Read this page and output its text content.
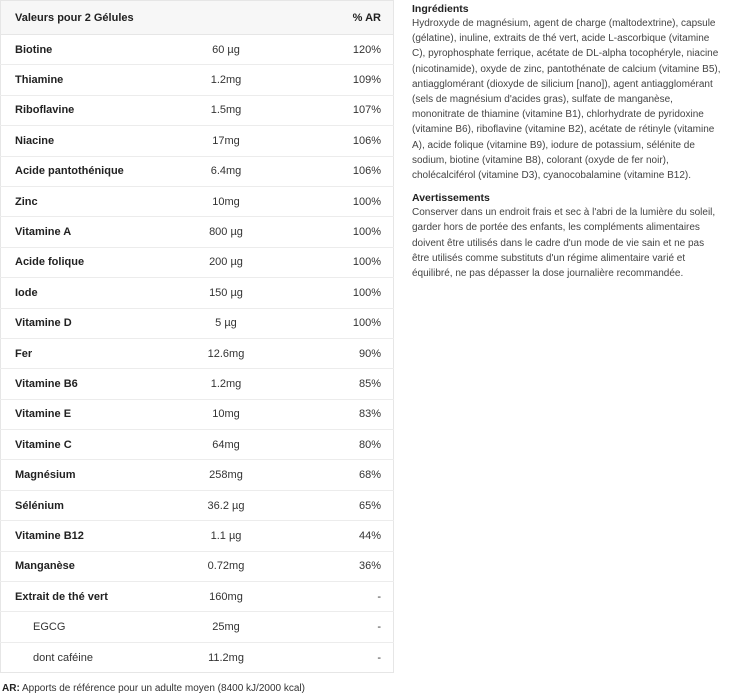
Valeurs pour 2 Gélules		% AR
Biotine	60 µg	120%
Thiamine	1.2mg	109%
Riboflavine	1.5mg	107%
Niacine	17mg	106%
Acide pantothénique	6.4mg	106%
Zinc	10mg	100%
Vitamine A	800 µg	100%
Acide folique	200 µg	100%
Iode	150 µg	100%
Vitamine D	5 µg	100%
Fer	12.6mg	90%
Vitamine B6	1.2mg	85%
Vitamine E	10mg	83%
Vitamine C	64mg	80%
Magnésium	258mg	68%
Sélénium	36.2 µg	65%
Vitamine B12	1.1 µg	44%
Manganèse	0.72mg	36%
Extrait de thé vert	160mg	-
EGCG	25mg	-
dont caféine	11.2mg	-
AR: Apports de référence pour un adulte moyen (8400 kJ/2000 kcal)
Ingrédients

Hydroxyde de magnésium, agent de charge (maltodextrine), capsule (gélatine), inuline, extraits de thé vert, acide L-ascorbique (vitamine C), pyrophosphate ferrique, acétate de DL-alpha tocophéryle, niacine (nicotinamide), oxyde de zinc, pantothénate de calcium (vitamine B5), antiagglomérant (dioxyde de silicium [nano]), agent antiagglomérant (sels de magnésium d'acides gras), sulfate de manganèse, mononitrate de thiamine (vitamine B1), chlorhydrate de pyridoxine (vitamine B6), riboflavine (vitamine B2), acétate de rétinyle (vitamine A), acide folique (vitamine B9), iodure de potassium, sélénite de sodium, biotine (vitamine B8), colorant (oxyde de fer noir), cholécalciférol (vitamine D3), cyanocobalamine (vitamine B12).

Avertissements

Conserver dans un endroit frais et sec à l'abri de la lumière du soleil, garder hors de portée des enfants, les compléments alimentaires doivent être utilisés dans le cadre d'un mode de vie sain et ne pas être utilisés comme substituts d'un régime alimentaire varié et équilibré, ne pas dépasser la dose journalière recommandée.
